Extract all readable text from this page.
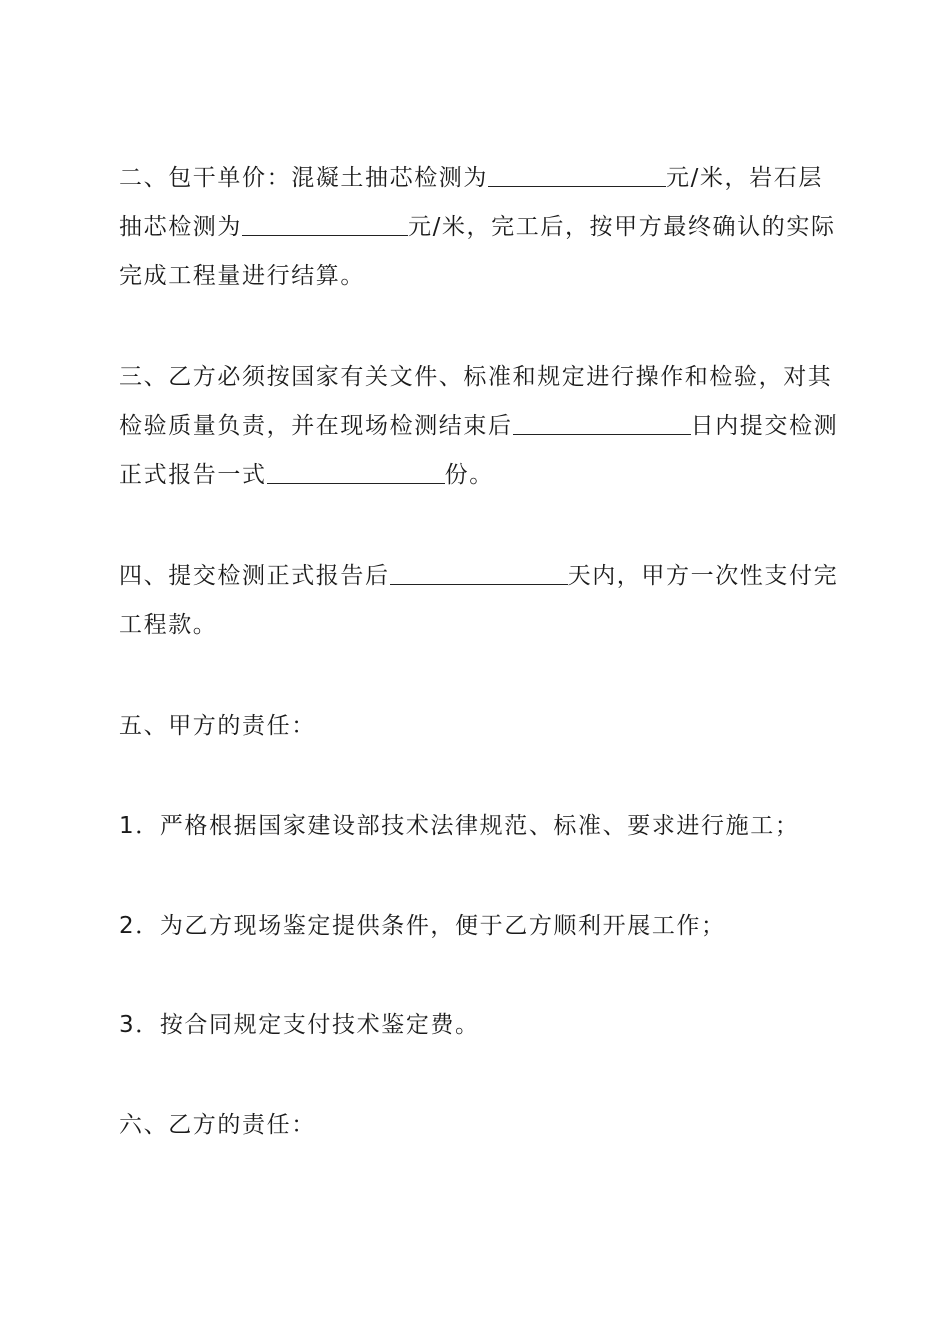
二、包干单价：混凝土抽芯检测为	元/米，岩石层

抽芯检测为	元/米，完工后，按甲方最终确认的实际

完成工程量进行结算。

三、乙方必须按国家有关文件、标准和规定进行操作和检验，对其

检验质量负责，并在现场检测结束后	日内提交检测

正式报告一式	份。

四、提交检测正式报告后	天内，甲方一次性支付完

工程款。

五、甲方的责任：

1．严格根据国家建设部技术法律规范、标准、要求进行施工；

2．为乙方现场鉴定提供条件，便于乙方顺利开展工作；

3．按合同规定支付技术鉴定费。

六、乙方的责任：
